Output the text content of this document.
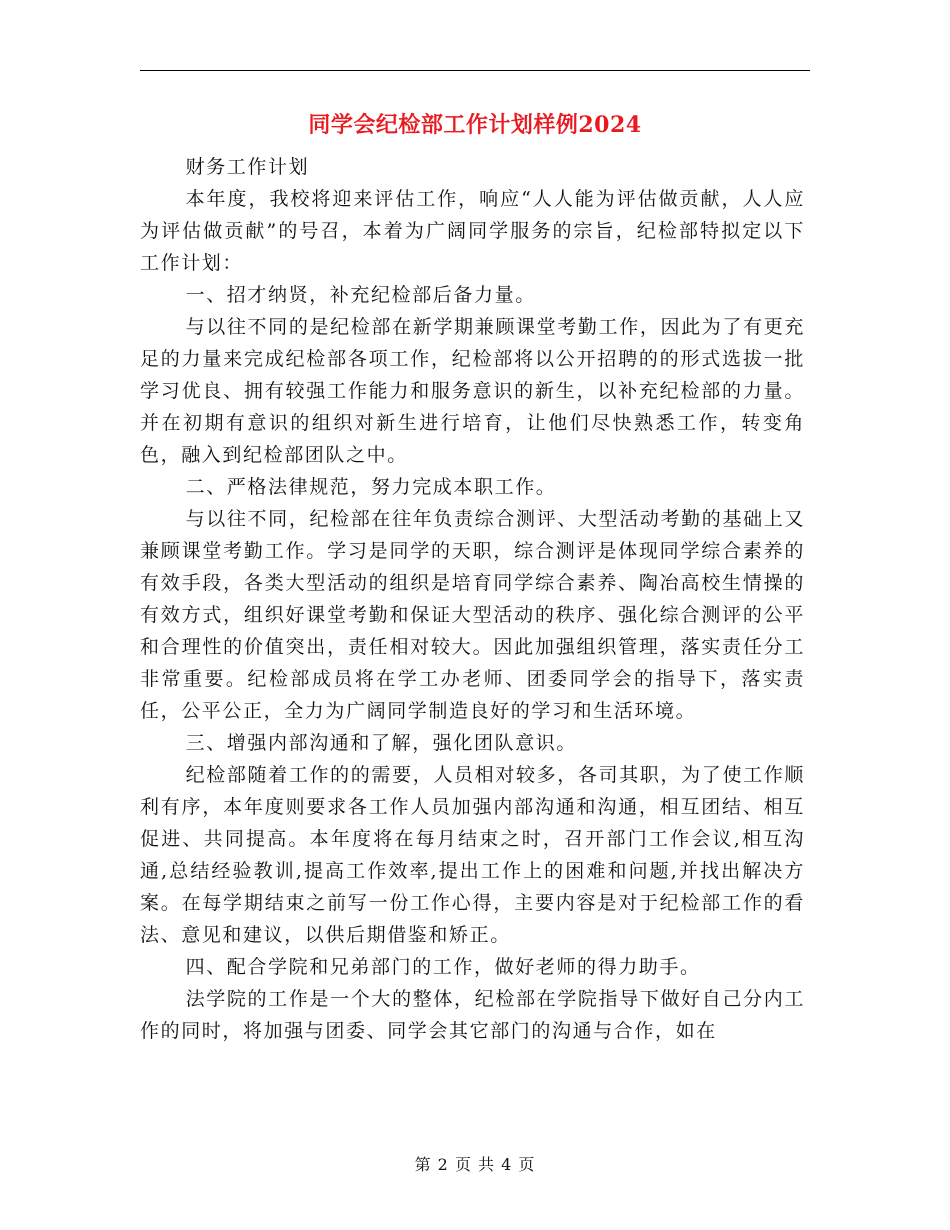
同学会纪检部工作计划样例2024

财务工作计划

本年度，我校将迎来评估工作，响应“人人能为评估做贡献，人人应为评估做贡献”的号召，本着为广阔同学服务的宗旨，纪检部特拟定以下工作计划：

一、招才纳贤，补充纪检部后备力量。

与以往不同的是纪检部在新学期兼顾课堂考勤工作，因此为了有更充足的力量来完成纪检部各项工作，纪检部将以公开招聘的的形式选拔一批学习优良、拥有较强工作能力和服务意识的新生，以补充纪检部的力量。并在初期有意识的组织对新生进行培育，让他们尽快熟悉工作，转变角色，融入到纪检部团队之中。

二、严格法律规范，努力完成本职工作。

与以往不同，纪检部在往年负责综合测评、大型活动考勤的基础上又兼顾课堂考勤工作。学习是同学的天职，综合测评是体现同学综合素养的有效手段，各类大型活动的组织是培育同学综合素养、陶冶高校生情操的有效方式，组织好课堂考勤和保证大型活动的秩序、强化综合测评的公平和合理性的价值突出，责任相对较大。因此加强组织管理，落实责任分工非常重要。纪检部成员将在学工办老师、团委同学会的指导下，落实责任，公平公正，全力为广阔同学制造良好的学习和生活环境。

三、增强内部沟通和了解，强化团队意识。

纪检部随着工作的的需要，人员相对较多，各司其职，为了使工作顺利有序，本年度则要求各工作人员加强内部沟通和沟通，相互团结、相互促进、共同提高。本年度将在每月结束之时，召开部门工作会议,相互沟通,总结经验教训,提高工作效率,提出工作上的困难和问题,并找出解决方案。在每学期结束之前写一份工作心得，主要内容是对于纪检部工作的看法、意见和建议，以供后期借鉴和矫正。

四、配合学院和兄弟部门的工作，做好老师的得力助手。

法学院的工作是一个大的整体，纪检部在学院指导下做好自己分内工作的同时，将加强与团委、同学会其它部门的沟通与合作，如在

第 2 页 共 4 页
